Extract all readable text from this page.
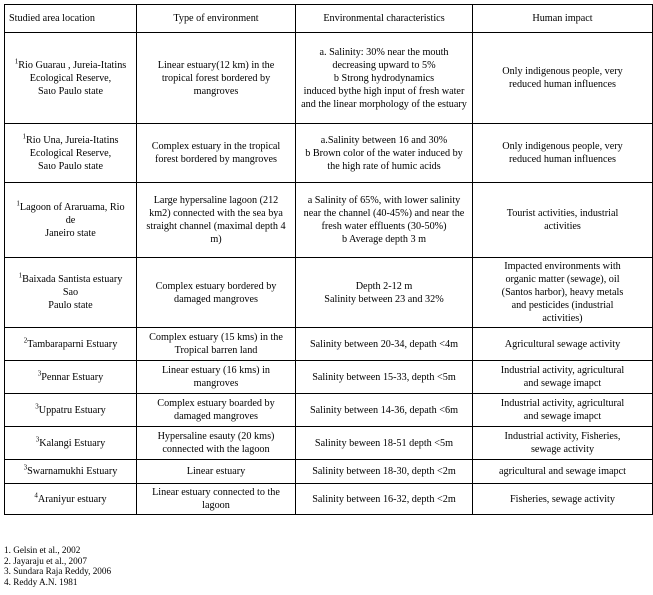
Studied area location	Type of environment	Environmental characteristics	Human impact
$^1$Rio Guarau , Jureia-Itatins
Ecological Reserve,
Saιo Paulo state	Linear estuary(12 km) in the
tropical forest bordered by
mangroves	a. Salinity: 30% near the mouth
decreasing upward to 5%
b Strong hydrodynamics
induced bythe high input of fresh water
and the linear morphology of the estuary	Only indigenous people, very
reduced human influences
$^1$Rio Una, Jureia-Itatins
Ecological Reserve,
Saιo Paulo state	Complex estuary in the tropical
forest bordered by mangroves	a.Salinity between 16 and 30%
b Brown color of the water induced by
the high rate of humic acids	Only indigenous people, very
reduced human influences
$^1$Lagoon of Araruama, Rio
de
Janeiro state	Large hypersaline lagoon (212
km2) connected with the sea bya
straight channel (maximal depth 4
m)	a Salinity of 65%, with lower salinity
near the channel (40-45%) and near the
fresh water effluents (30-50%)
b Average depth 3 m	Tourist activities, industrial
activities
$^1$Baixada Santista estuary
Sao
Paulo state	Complex estuary bordered by
damaged mangroves	Depth 2-12 m
Salinity between 23 and 32%	Impacted environments with
organic matter (sewage), oil
(Santos harbor), heavy metals
and pesticides (industrial
activities)
$^2$Tambaraparni Estuary	Complex estuary (15 kms) in the
Tropical barren land	Salinity between 20-34, depath <4m	Agricultural sewage activity
$^3$Pennar Estuary	Linear estuary (16 kms) in
mangroves	Salinity between 15-33, depth <5m	Industrial activity, agricultural
and sewage imapct
$^3$Uppatru Estuary	Complex estuary boarded by
damaged mangroves	Salinity between 14-36, depath <6m	Industrial activity, agricultural
and sewage imapct
$^3$Kalangi Estuary	Hypersaline esauty (20 kms)
connected with the lagoon	Salinity beween 18-51 depth <5m	Industrial activity, Fisheries,
sewage activity
$^3$Swarnamukhi Estuary	Linear estuary	Salinity between 18-30, depth <2m	agricultural and sewage imapct
$^4$Araniyur estuary	Linear estuary connected to the
lagoon	Salinity between 16-32, depth <2m	Fisheries, sewage activity
1. Gelsin et al., 2002
2. Jayaraju et al., 2007
3. Sundara Raja Reddy, 2006
4. Reddy A.N. 1981
